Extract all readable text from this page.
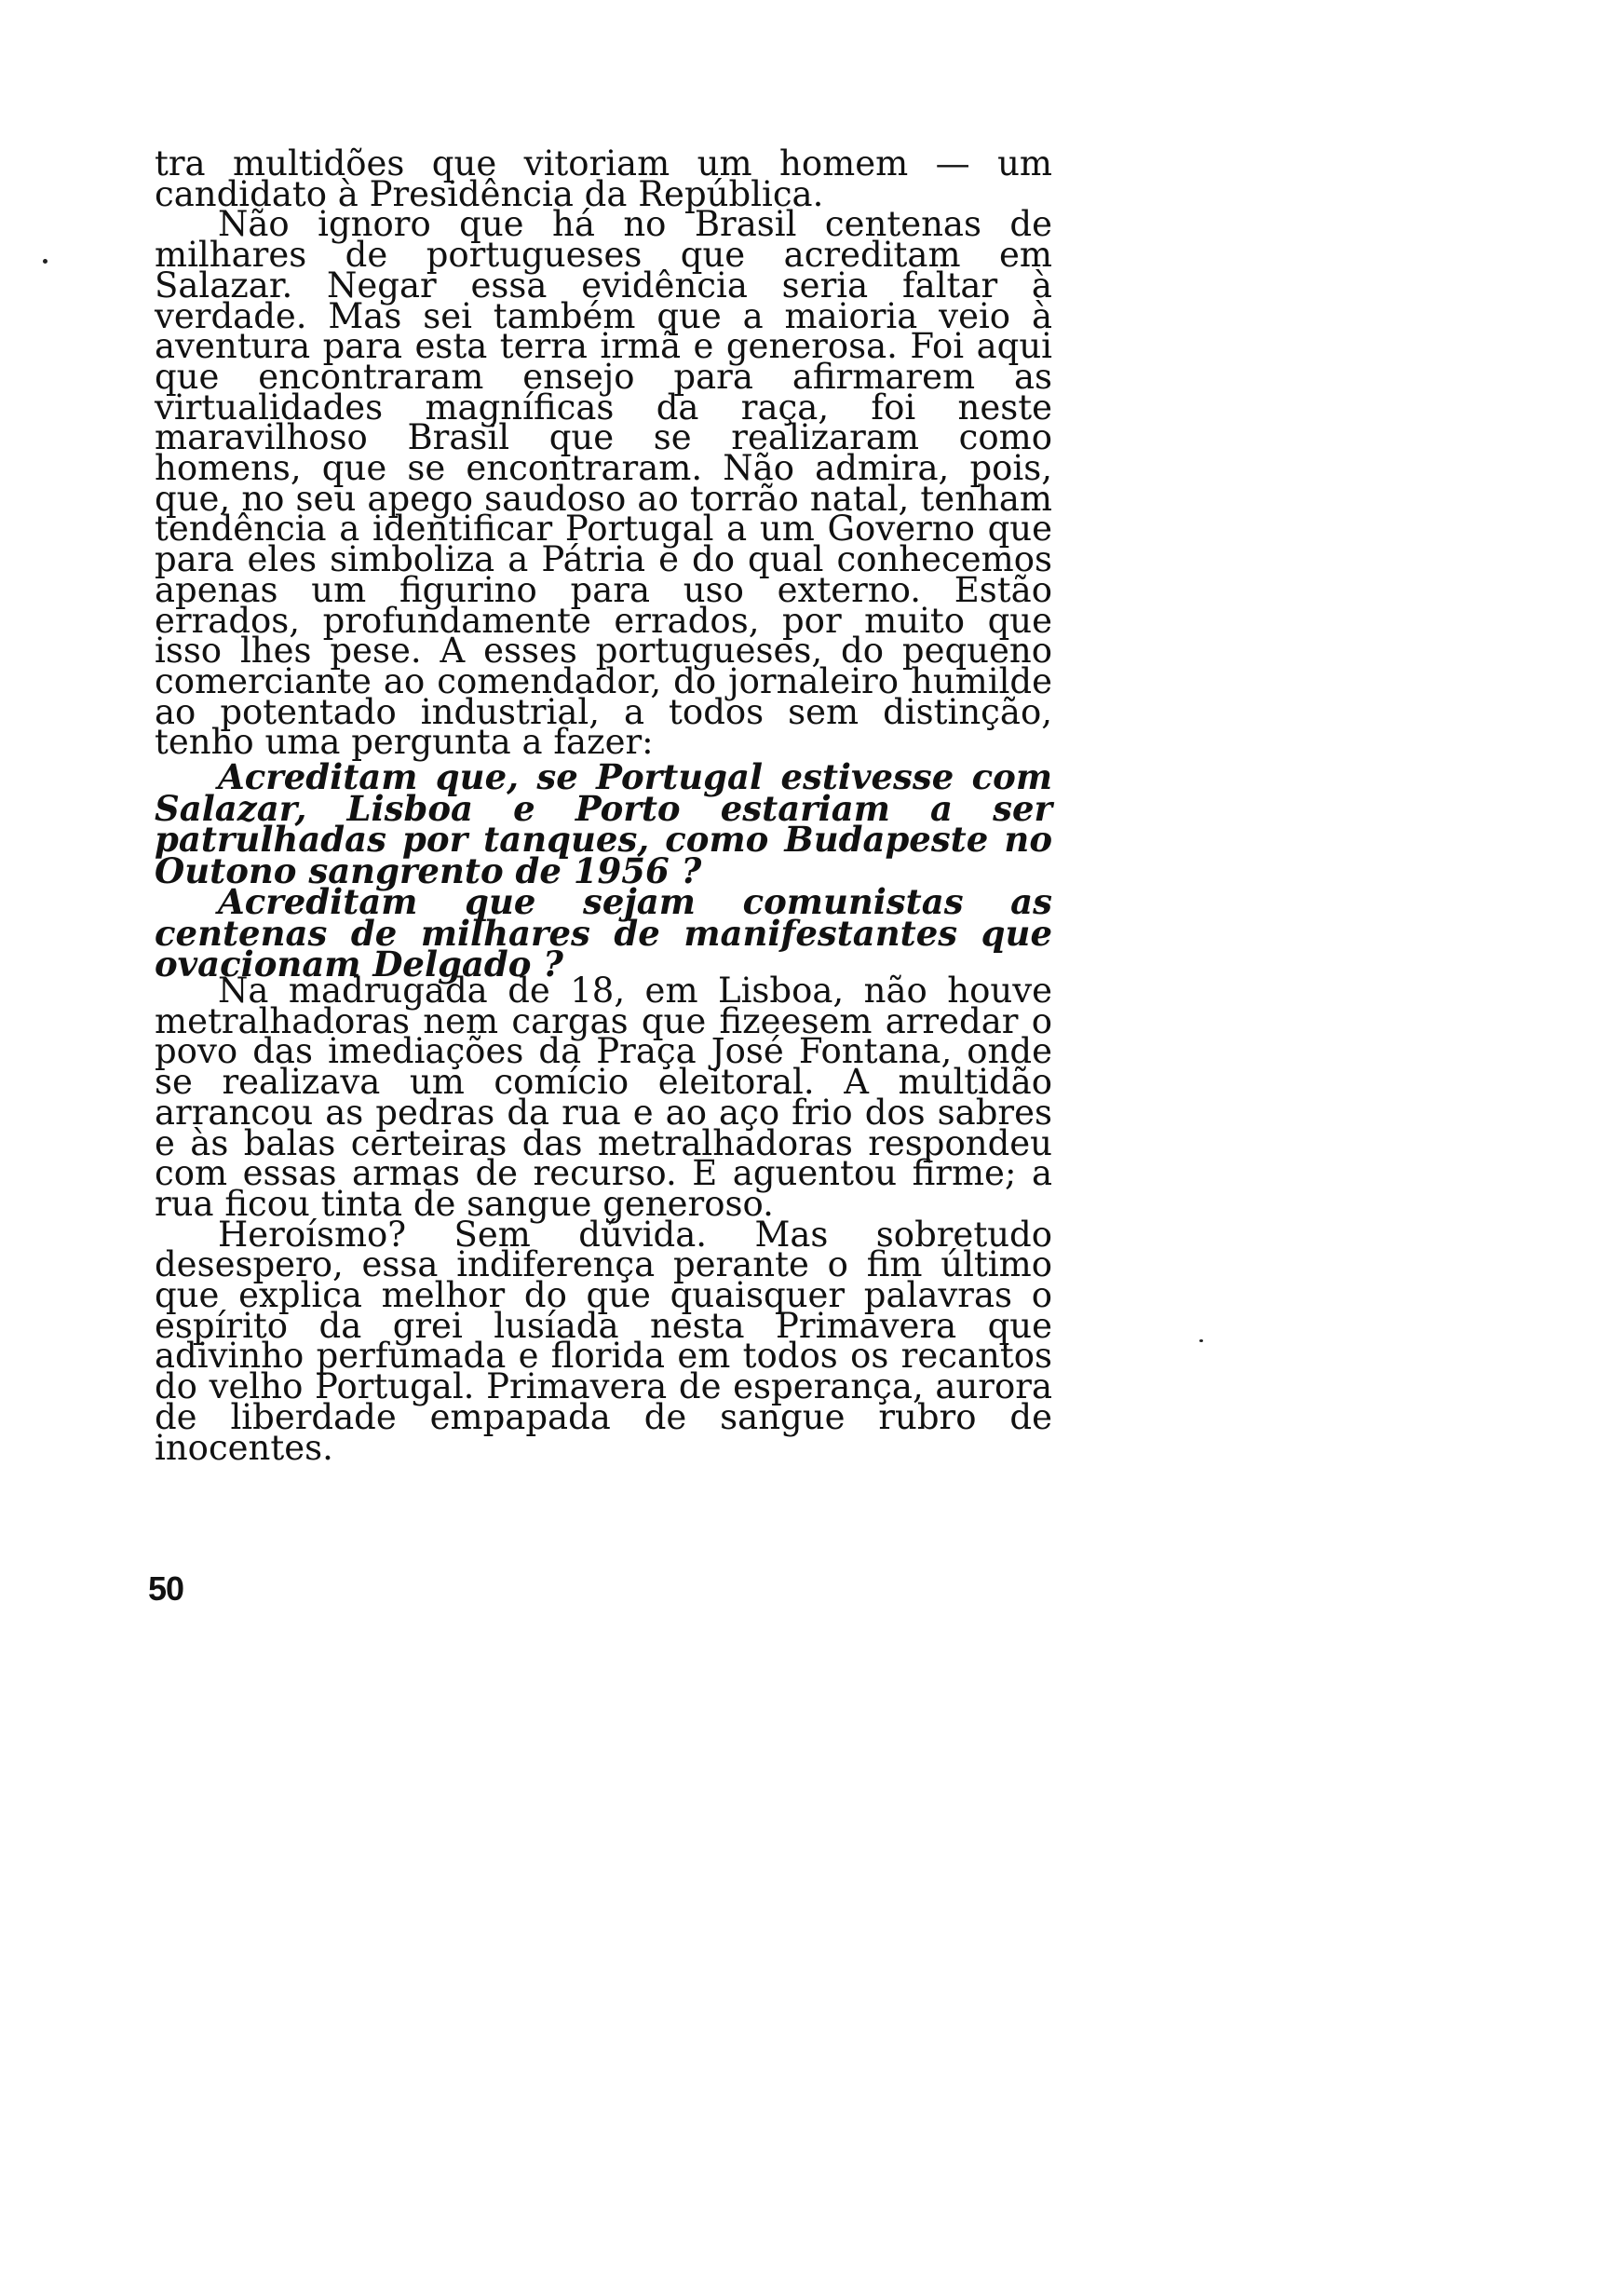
tra multidões que vitoriam um homem — um candidato à Presidência da República.

Não ignoro que há no Brasil centenas de milhares de portugueses que acreditam em Salazar. Negar essa evidência seria faltar à verdade. Mas sei também que a maioria veio à aventura para esta terra irmã e generosa. Foi aqui que encontraram ensejo para afirmarem as virtualidades magníficas da raça, foi neste maravilhoso Brasil que se realizaram como homens, que se encontraram. Não admira, pois, que, no seu apego saudoso ao torrão natal, tenham tendência a identificar Portugal a um Governo que para eles simboliza a Pátria e do qual conhecemos apenas um figurino para uso externo. Estão errados, profundamente errados, por muito que isso lhes pese. A esses portugueses, do pequeno comerciante ao comendador, do jornaleiro humilde ao potentado industrial, a todos sem distinção, tenho uma pergunta a fazer:

Acreditam que, se Portugal estivesse com Salazar, Lisboa e Porto estariam a ser patrulhadas por tanques, como Budapeste no Outono sangrento de 1956 ?

Acreditam que sejam comunistas as centenas de milhares de manifestantes que ovacionam Delgado ?

Na madrugada de 18, em Lisboa, não houve metralhadoras nem cargas que fizeesem arredar o povo das imediações da Praça José Fontana, onde se realizava um comício eleitoral. A multidão arrancou as pedras da rua e ao aço frio dos sabres e às balas certeiras das metralhadoras respondeu com essas armas de recurso. E aguentou firme; a rua ficou tinta de sangue generoso.

Heroísmo? Sem dúvida. Mas sobretudo desespero, essa indiferença perante o fim último que explica melhor do que quaisquer palavras o espírito da grei lusíada nesta Primavera que adivinho perfumada e florida em todos os recantos do velho Portugal. Primavera de esperança, aurora de liberdade empapada de sangue rubro de inocentes.

50
